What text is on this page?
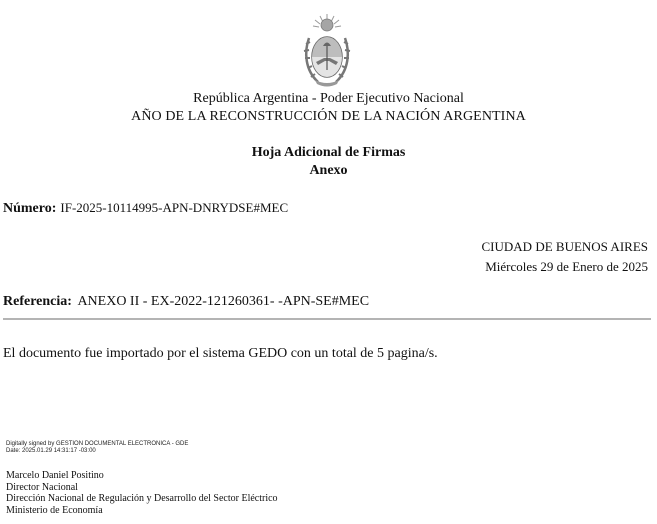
República Argentina - Poder Ejecutivo Nacional
AÑO DE LA RECONSTRUCCIÓN DE LA NACIÓN ARGENTINA
Hoja Adicional de Firmas
Anexo
Número: IF-2025-10114995-APN-DNRYDSE#MEC
CIUDAD DE BUENOS AIRES
Miércoles 29 de Enero de 2025
Referencia: ANEXO II - EX-2022-121260361- -APN-SE#MEC
El documento fue importado por el sistema GEDO con un total de 5 pagina/s.
Digitally signed by GESTION DOCUMENTAL ELECTRONICA - GDE
Date: 2025.01.29 14:31:17 -03:00
Marcelo Daniel Positino
Director Nacional
Dirección Nacional de Regulación y Desarrollo del Sector Eléctrico
Ministerio de Economía
